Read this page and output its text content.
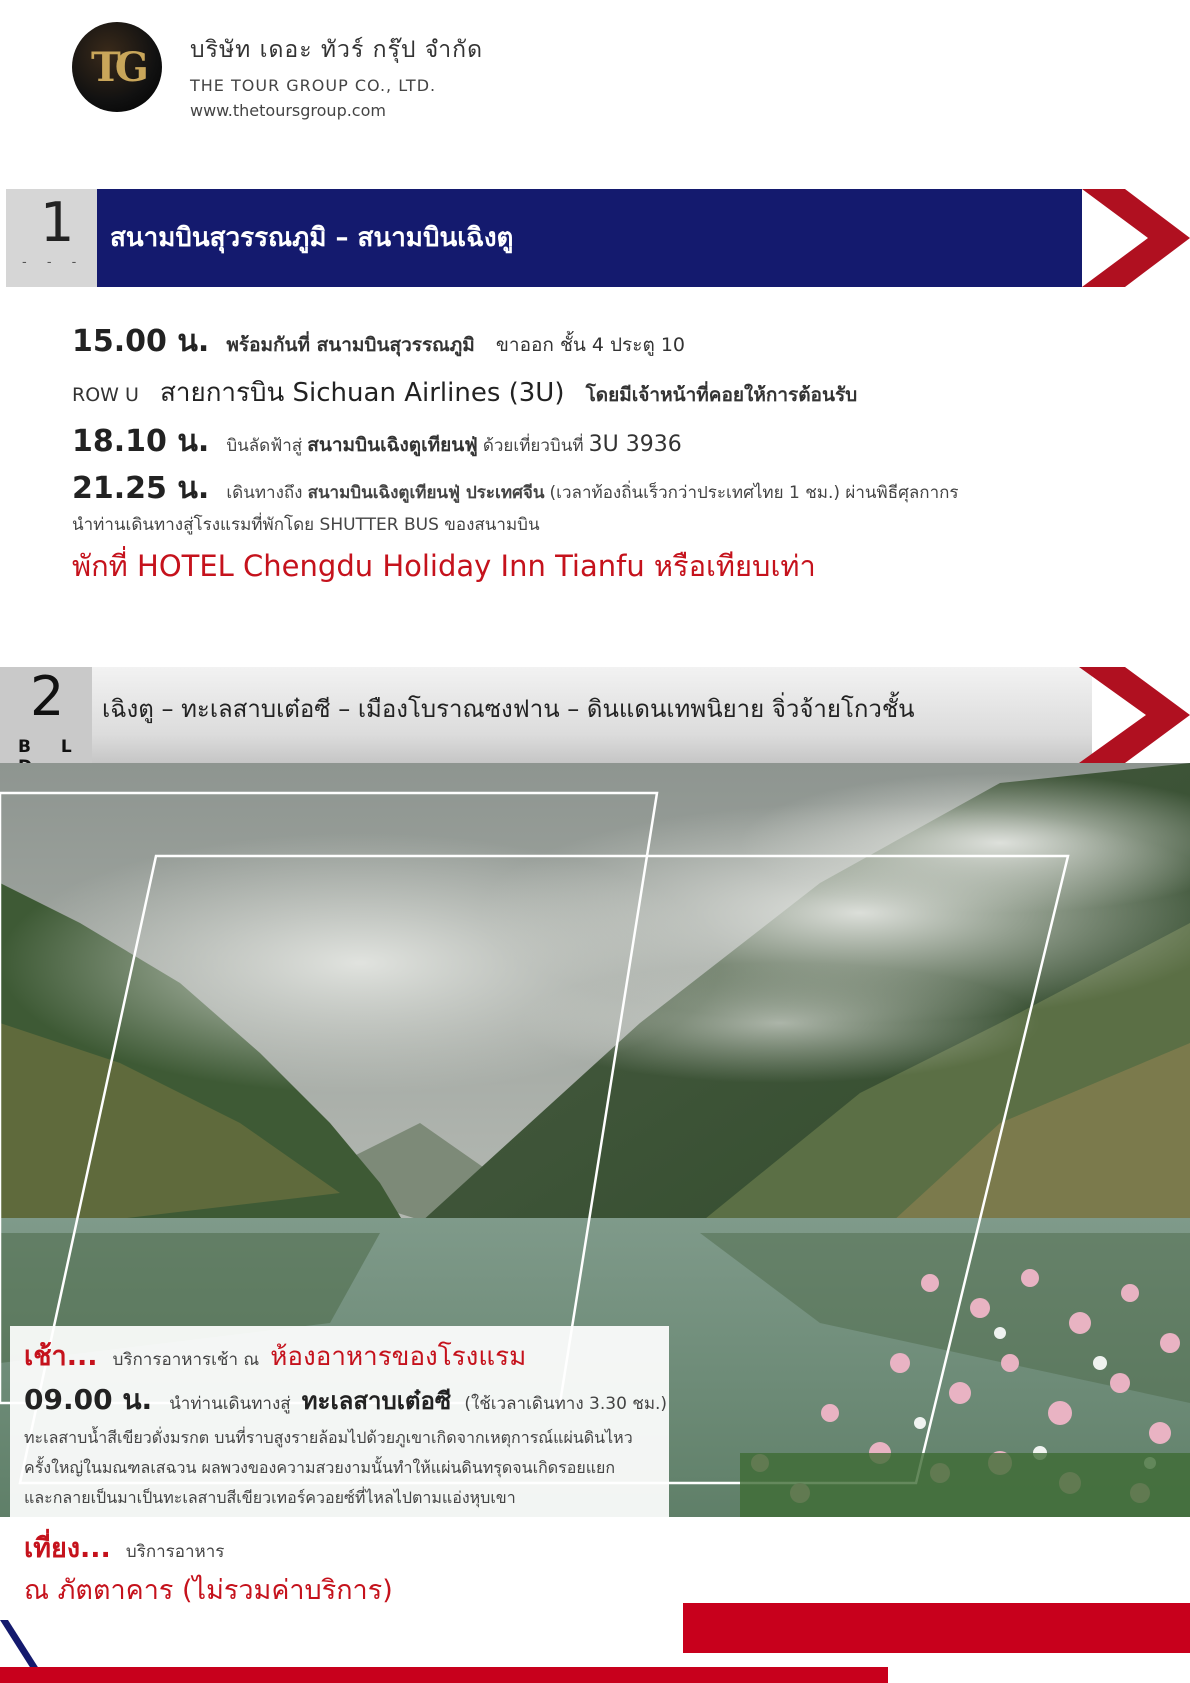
TG บริษัท เดอะ ทัวร์ กรุ๊ป จำกัด
THE TOUR GROUP CO., LTD.
www.thetoursgroup.com
1
- - -
สนามบินสุวรรณภูมิ – สนามบินเฉิงตู
15.00 น. พร้อมกันที่ สนามบินสุวรรณภูมิ ขาออก ชั้น 4 ประตู 10
ROW U สายการบิน Sichuan Airlines (3U) โดยมีเจ้าหน้าที่คอยให้การต้อนรับ
18.10 น. บินลัดฟ้าสู่ สนามบินเฉิงตูเทียนฟู่ ด้วยเที่ยวบินที่ 3U 3936
21.25 น. เดินทางถึง สนามบินเฉิงตูเทียนฟู่ ประเทศจีน (เวลาท้องถิ่นเร็วกว่าประเทศไทย 1 ชม.) ผ่านพิธีศุลกากร
นำท่านเดินทางสู่โรงแรมที่พักโดย SHUTTER BUS ของสนามบิน
พักที่ HOTEL Chengdu Holiday Inn Tianfu หรือเทียบเท่า
2
B L
เฉิงตู – ทะเลสาบเต๋อซี – เมืองโบราณซงฟาน – ดินแดนเทพนิยาย จิ่วจ้ายโกวชั้น
เช้า... บริการอาหารเช้า ณ ห้องอาหารของโรงแรม
09.00 น. นำท่านเดินทางสู่ ทะเลสาบเต๋อซี (ใช้เวลาเดินทาง 3.30 ชม.)
ทะเลสาบน้ำสีเขียวดั่งมรกต บนที่ราบสูงรายล้อมไปด้วยภูเขาเกิดจากเหตุการณ์แผ่นดินไหว
ครั้งใหญ่ในมณฑลเสฉวน ผลพวงของความสวยงามนั้นทำให้แผ่นดินทรุดจนเกิดรอยแยก
และกลายเป็นมาเป็นทะเลสาบสีเขียวเทอร์ควอยซ์ที่ไหลไปตามแอ่งหุบเขา
เที่ยง... บริการอาหาร
ณ ภัตตาคาร (ไม่รวมค่าบริการ)
